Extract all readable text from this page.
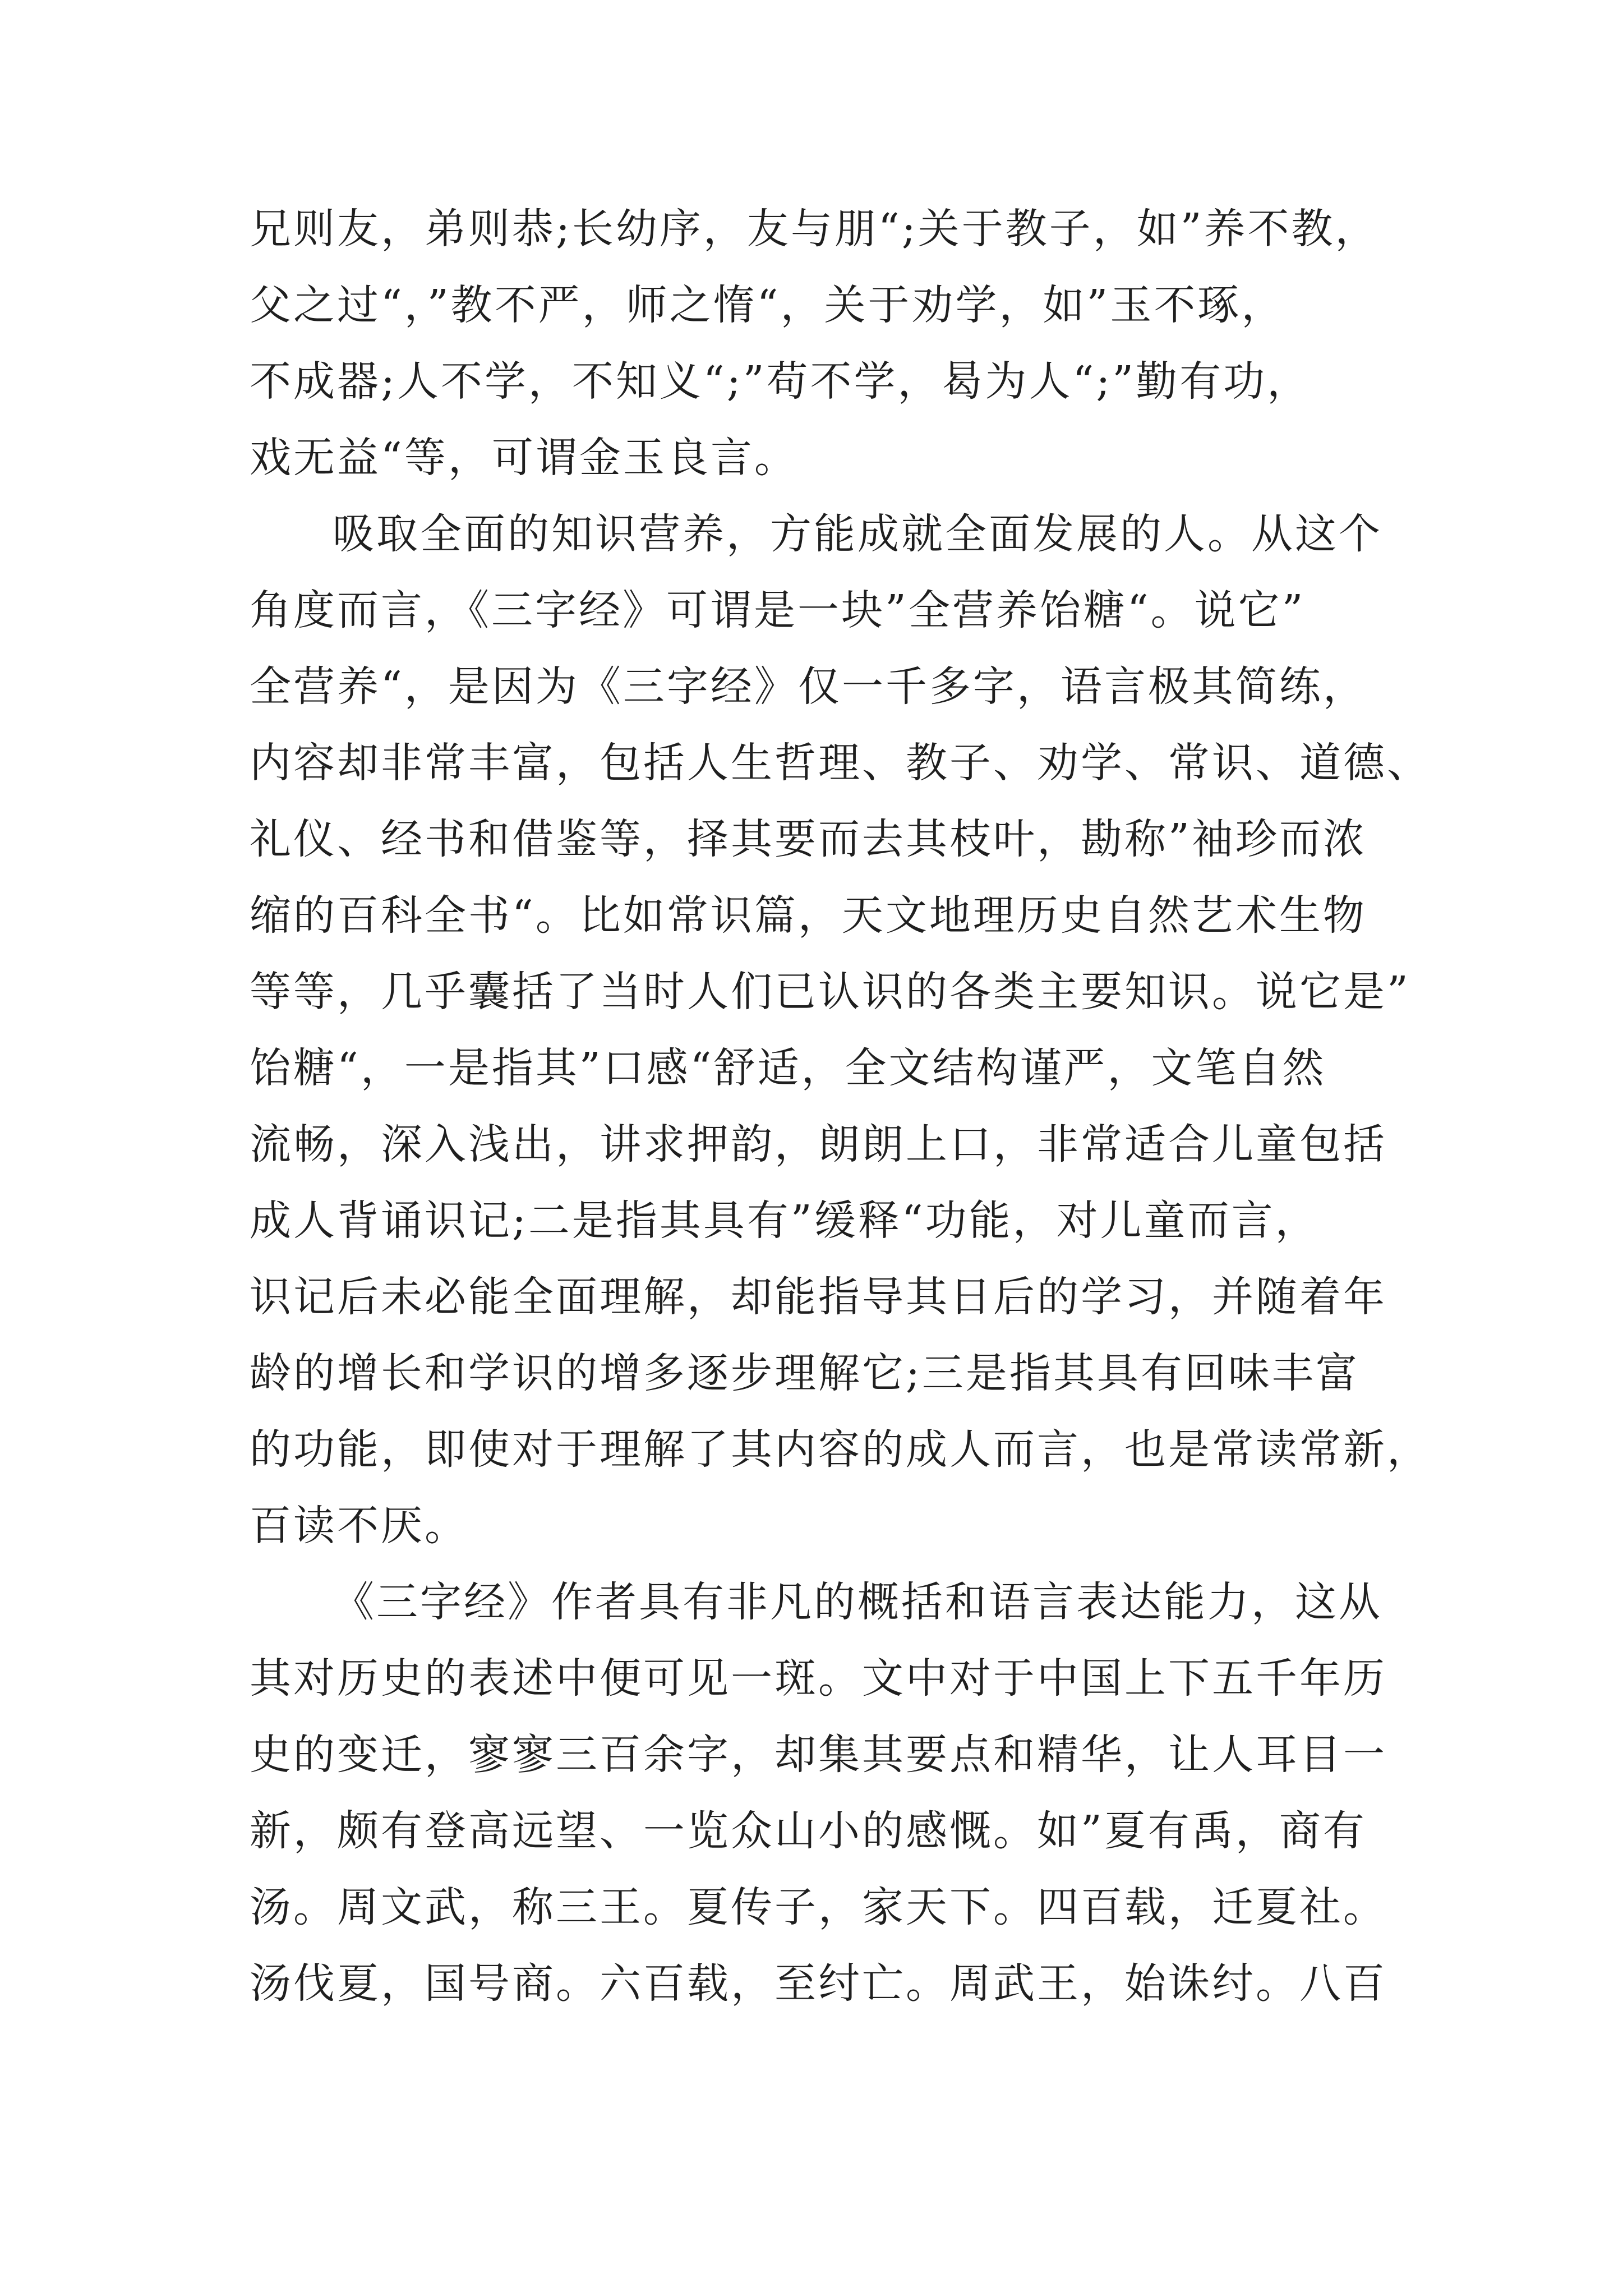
兄则友，弟则恭;长幼序，友与朋“;关于教子，如”养不教，
父之过“，”教不严，师之惰“，关于劝学，如”玉不琢，
不成器;人不学，不知义“;”苟不学，曷为人“;”勤有功，
戏无益“等，可谓金玉良言。
吸取全面的知识营养，方能成就全面发展的人。从这个
角度而言，《三字经》可谓是一块”全营养饴糖“。说它”
全营养“，是因为《三字经》仅一千多字，语言极其简练，
内容却非常丰富，包括人生哲理、教子、劝学、常识、道德、
礼仪、经书和借鉴等，择其要而去其枝叶，勘称”袖珍而浓
缩的百科全书“。比如常识篇，天文地理历史自然艺术生物
等等，几乎囊括了当时人们已认识的各类主要知识。说它是”
饴糖“，一是指其”口感“舒适，全文结构谨严，文笔自然
流畅，深入浅出，讲求押韵，朗朗上口，非常适合儿童包括
成人背诵识记;二是指其具有”缓释“功能，对儿童而言，
识记后未必能全面理解，却能指导其日后的学习，并随着年
龄的增长和学识的增多逐步理解它;三是指其具有回味丰富
的功能，即使对于理解了其内容的成人而言，也是常读常新，
百读不厌。
《三字经》作者具有非凡的概括和语言表达能力，这从
其对历史的表述中便可见一斑。文中对于中国上下五千年历
史的变迁，寥寥三百余字，却集其要点和精华，让人耳目一
新，颇有登高远望、一览众山小的感慨。如”夏有禹，商有
汤。周文武，称三王。夏传子，家天下。四百载，迁夏社。
汤伐夏，国号商。六百载，至纣亡。周武王，始诛纣。八百
